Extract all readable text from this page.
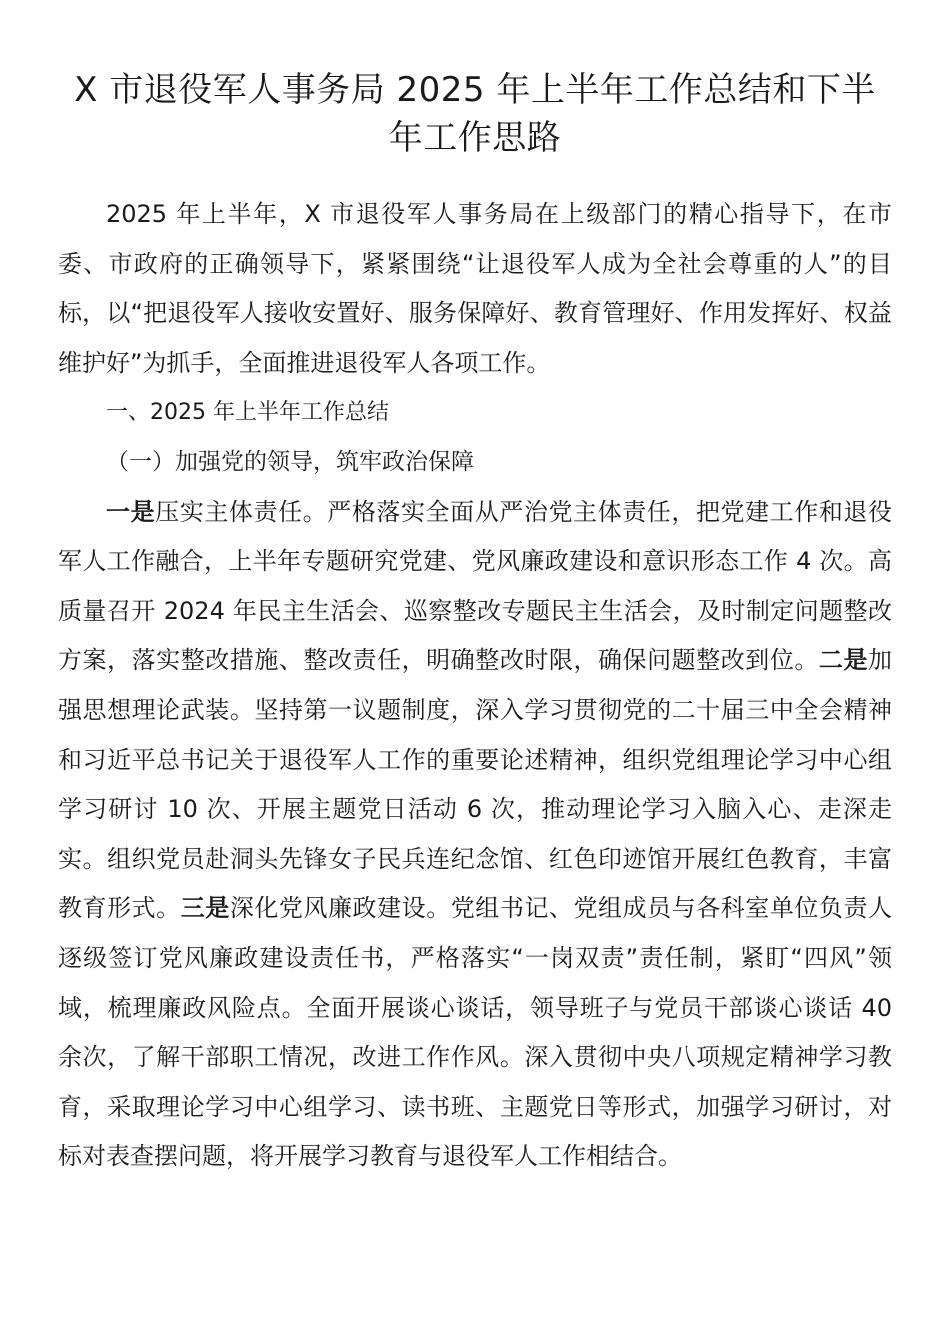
X 市退役军人事务局 2025 年上半年工作总结和下半年工作思路

2025 年上半年，X 市退役军人事务局在上级部门的精心指导下，在市委、市政府的正确领导下，紧紧围绕“让退役军人成为全社会尊重的人”的目标，以“把退役军人接收安置好、服务保障好、教育管理好、作用发挥好、权益维护好”为抓手，全面推进退役军人各项工作。

一、2025 年上半年工作总结

（一）加强党的领导，筑牢政治保障

一是压实主体责任。严格落实全面从严治党主体责任，把党建工作和退役军人工作融合，上半年专题研究党建、党风廉政建设和意识形态工作 4 次。高质量召开 2024 年民主生活会、巡察整改专题民主生活会，及时制定问题整改方案，落实整改措施、整改责任，明确整改时限，确保问题整改到位。二是加强思想理论武装。坚持第一议题制度，深入学习贯彻党的二十届三中全会精神和习近平总书记关于退役军人工作的重要论述精神，组织党组理论学习中心组学习研讨 10 次、开展主题党日活动 6 次，推动理论学习入脑入心、走深走实。组织党员赴洞头先锋女子民兵连纪念馆、红色印迹馆开展红色教育，丰富教育形式。三是深化党风廉政建设。党组书记、党组成员与各科室单位负责人逐级签订党风廉政建设责任书，严格落实“一岗双责”责任制，紧盯“四风”领域，梳理廉政风险点。全面开展谈心谈话，领导班子与党员干部谈心谈话 40 余次，了解干部职工情况，改进工作作风。深入贯彻中央八项规定精神学习教育，采取理论学习中心组学习、读书班、主题党日等形式，加强学习研讨，对标对表查摆问题，将开展学习教育与退役军人工作相结合。
